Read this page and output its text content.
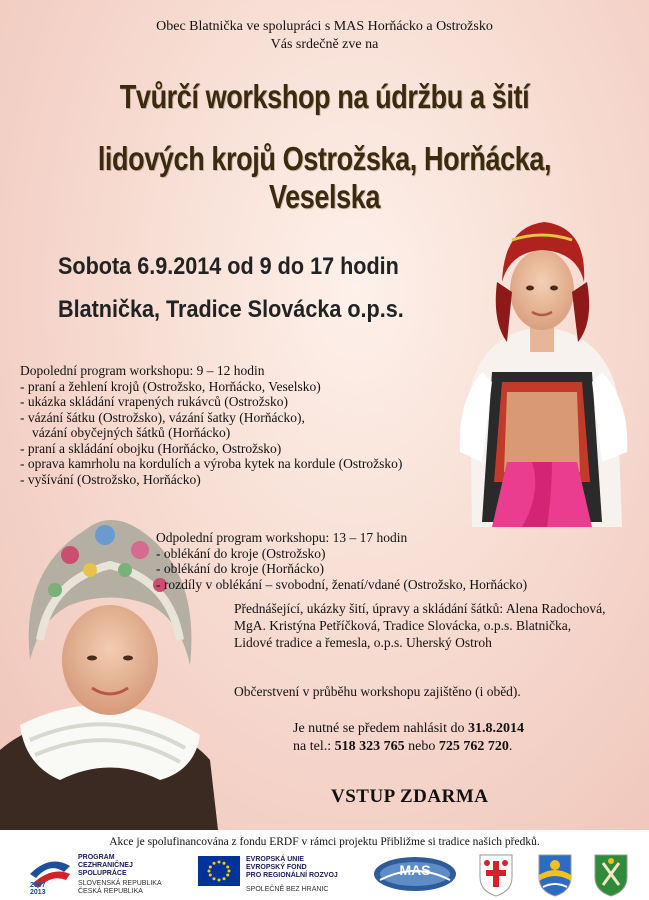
Obec Blatnička ve spolupráci s MAS Horňácko a Ostrožsko
Vás srdečně zve na
Tvůrčí workshop na údržbu a šití
lidových krojů Ostrožska, Horňácka, Veselska
Sobota 6.9.2014 od 9 do 17 hodin
Blatnička, Tradice Slovácka o.p.s.
Dopolední program workshopu: 9 – 12 hodin
- praní a žehlení krojů (Ostrožsko, Horňácko, Veselsko)
- ukázka skládání vrapených rukávců (Ostrožsko)
- vázání šátku (Ostrožsko), vázání šatky (Horňácko),
vázání obyčejných šátků (Horňácko)
- praní a skládání obojku (Horňácko, Ostrožsko)
- oprava kamrholu na kordulích a výroba kytek na kordule (Ostrožsko)
- vyšívání (Ostrožsko, Horňácko)
Odpolední program workshopu: 13 – 17 hodin
- oblékání do kroje (Ostrožsko)
- oblékání do kroje (Horňácko)
- rozdíly v oblékání – svobodní, ženatí/vdané (Ostrožsko, Horňácko)
Přednášející, ukázky šití, úpravy a skládání šátků: Alena Radochová,
MgA. Kristýna Petříčková, Tradice Slovácka, o.p.s. Blatnička,
Lidové tradice a řemesla, o.p.s. Uherský Ostroh
Občerstvení v průběhu workshopu zajištěno (i oběd).
Je nutné se předem nahlásit do 31.8.2014
na tel.: 518 323 765 nebo 725 762 720.
VSTUP ZDARMA
Akce je spolufinancována z fondu ERDF v rámci projektu Přibližme si tradice našich předků.
2007
2013
PROGRAM
CEZHRANIČNEJ
SPOLUPRÁCE
SLOVENSKÁ REPUBLIKA
ČESKÁ REPUBLIKA
EVROPSKÁ UNIE
EVROPSKÝ FOND
PRO REGIONÁLNÍ ROZVOJ
SPOLEČNĚ BEZ HRANIC
MAS
